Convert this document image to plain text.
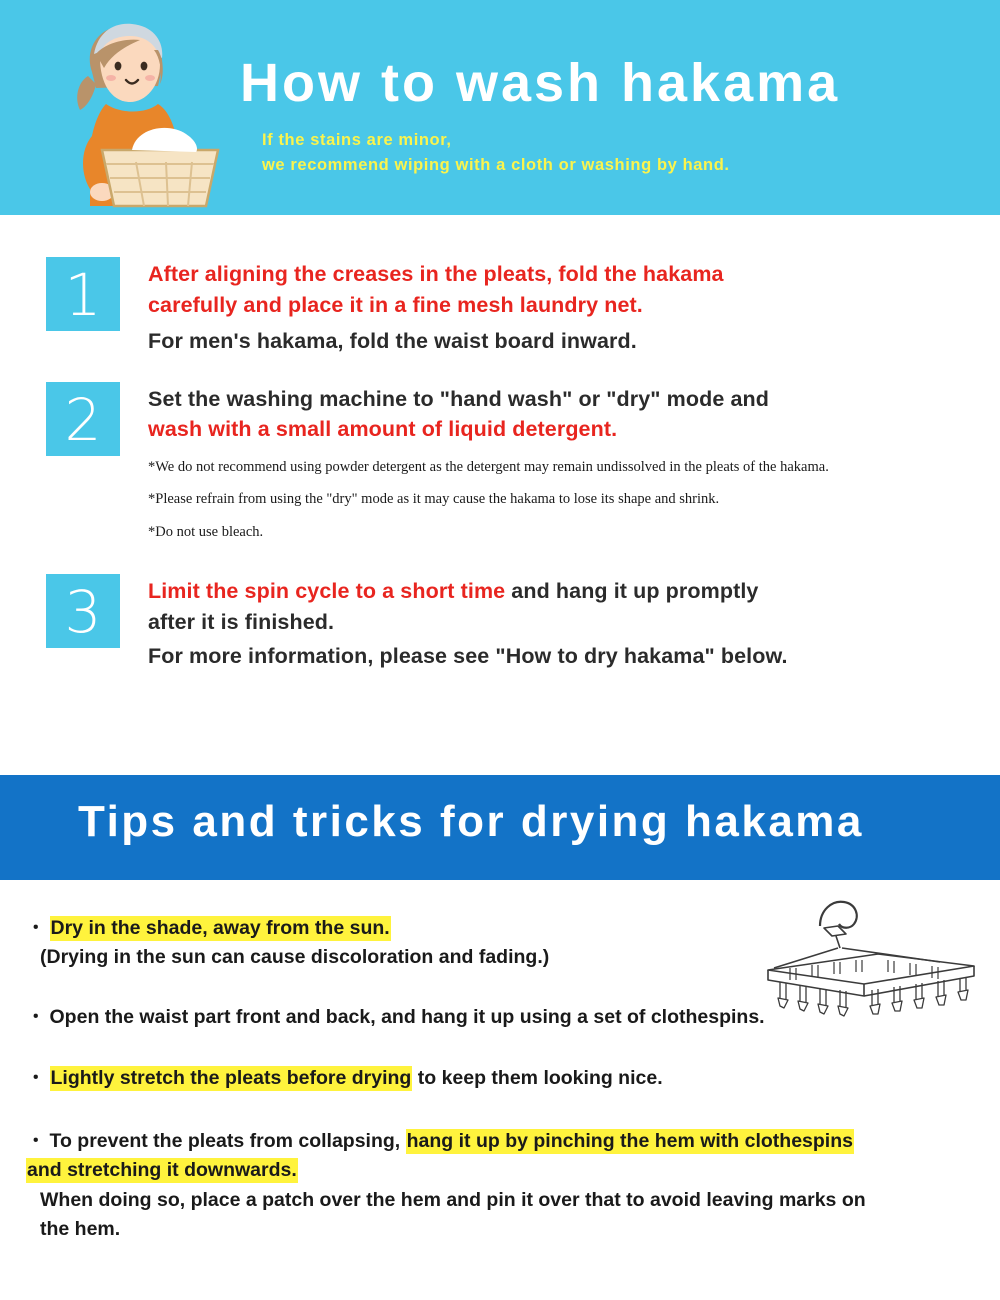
How to wash hakama
If the stains are minor,
we recommend wiping with a cloth or washing by hand.
1	After aligning the creases in the pleats, fold the hakama
carefully and place it in a fine mesh laundry net.
For men's hakama, fold the waist board inward.
2	Set the washing machine to "hand wash" or "dry" mode and
wash with a small amount of liquid detergent.
*We do not recommend using powder detergent as the detergent may remain undissolved in the pleats of the hakama.
*Please refrain from using the "dry" mode as it may cause the hakama to lose its shape and shrink.
*Do not use bleach.
3	Limit the spin cycle to a short time and hang it up promptly
after it is finished.
For more information, please see "How to dry hakama" below.
Tips and tricks for drying hakama
・ Dry in the shade, away from the sun.
(Drying in the sun can cause discoloration and fading.)
・ Open the waist part front and back, and hang it up using a set of clothespins.
・ Lightly stretch the pleats before drying to keep them looking nice.
・ To prevent the pleats from collapsing, hang it up by pinching the hem with clothespins
and stretching it downwards.
When doing so, place a patch over the hem and pin it over that to avoid leaving marks on
the hem.
